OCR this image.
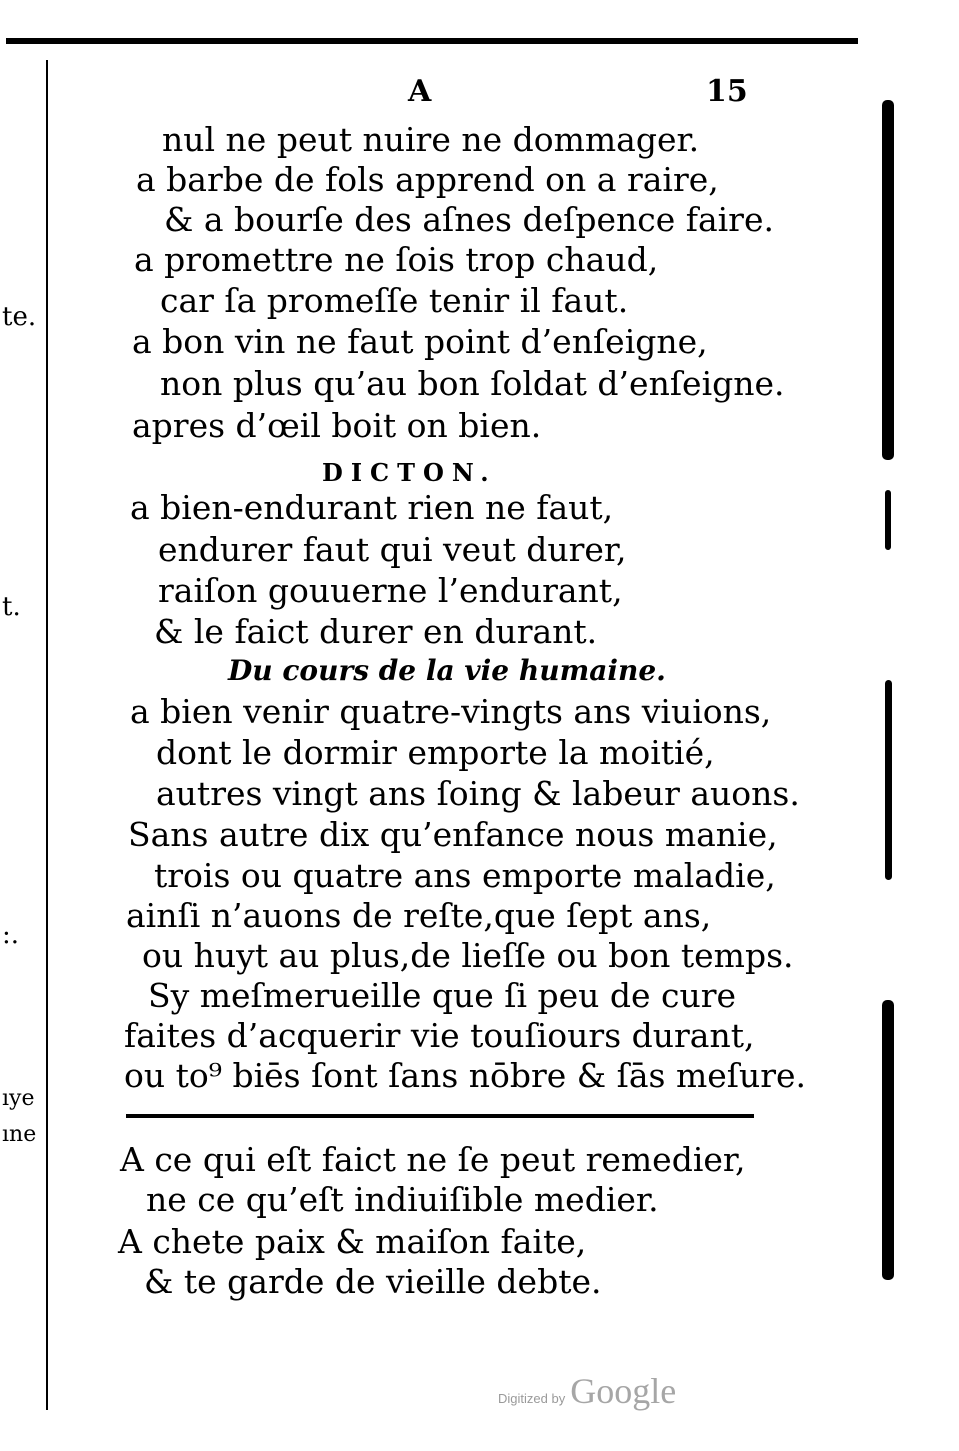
te.
t.
:.
ıye
ıne
A	15
nul ne peut nuire ne dommager.
a barbe de fols apprend on a raire,
& a bourſe des aſnes deſpence faire.
a promettre ne ſois trop chaud,
car ſa promeſſe tenir il faut.
a bon vin ne faut point d’enſeigne,
non plus qu’au bon ſoldat d’enſeigne.
apres d’œil boit on bien.
DICTON.
a bien-endurant rien ne faut,
endurer faut qui veut durer,
raiſon gouuerne l’endurant,
& le faict durer en durant.
Du cours de la vie humaine.
a bien venir quatre-vingts ans viuions,
dont le dormir emporte la moitié,
autres vingt ans ſoing & labeur auons.
Sans autre dix qu’enfance nous manie,
trois ou quatre ans emporte maladie,
ainſi n’auons de reſte,que ſept ans,
ou huyt au plus,de lieſſe ou bon temps.
Sy meſmerueille que ſi peu de cure
faites d’acquerir vie touſiours durant,
ou to⁹ biēs ſont ſans nōbre & ſās meſure.
A ce qui eſt faict ne ſe peut remedier,
ne ce qu’eſt indiuiſible medier.
A chete paix & maiſon faite,
& te garde de vieille debte.
Digitized by Google
